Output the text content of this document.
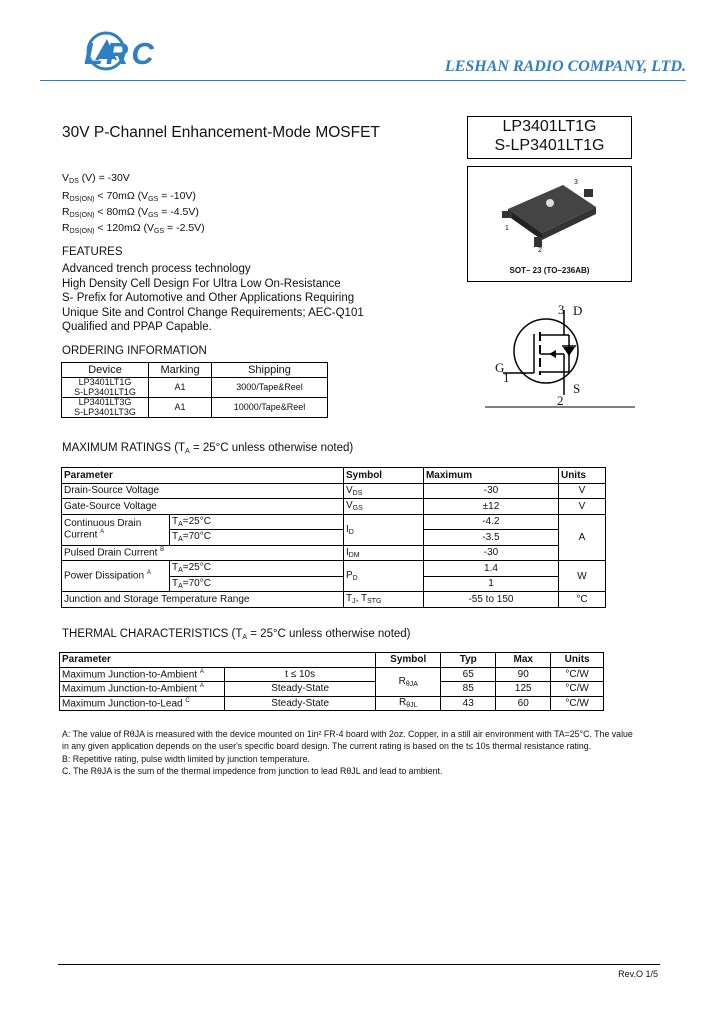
LRC	LESHAN RADIO COMPANY, LTD.
30V P-Channel Enhancement-Mode MOSFET	LP3401LT1G
S-LP3401LT1G
3
1
2
SOT– 23 (TO–236AB)
3 D
G
1
S
2
$V_{DS}$ (V) = -30V
$R_{DS(ON)} < 70m\Omega$ $(V_{GS} = -10V)$
$R_{DS(ON)} < 80m\Omega$ $(V_{GS} = -4.5V)$
$R_{DS(ON)} < 120m\Omega$ $(V_{GS} = -2.5V)$
FEATURES
Advanced trench process technology
High Density Cell Design For Ultra Low On-Resistance
S- Prefix for Automotive and Other Applications Requiring
Unique Site and Control Change Requirements; AEC-Q101
Qualified and PPAP Capable.
ORDERING INFORMATION
Device	Marking	Shipping

LP3401LT1G
S-LP3401LT1G	A1	3000/Tape&Reel

LP3401LT3G
S-LP3401LT3G	A1	10000/Tape&Reel
MAXIMUM RATINGS ($T_A = 25^\circ C$ unless otherwise noted)
Parameter		Symbol	Maximum	Units
Drain-Source Voltage		$V_{DS}$	-30	V
Gate-Source Voltage		$V_{GS}$	±12	V

Continuous Drain
Current $^A$	$T_A=25^\circ C$	$I_D$	-4.2	A
	$T_A=70^\circ C$		-3.5	
Pulsed Drain Current $^B$		$I_{DM}$	-30	
Power Dissipation $^A$	$T_A=25^\circ C$	$P_D$	1.4	W
	$T_A=70^\circ C$		1	
Junction and Storage Temperature Range		$T_J$, $T_{STG}$	-55 to 150	°C
THERMAL CHARACTERISTICS ($T_A = 25^\circ C$ unless otherwise noted)
Parameter		Symbol	Typ	Max	Units
Maximum Junction-to-Ambient $^A$	t ≤ 10s	$R_{\theta JA}$	65	90	°C/W
Maximum Junction-to-Ambient $^A$	Steady-State		85	125	°C/W
Maximum Junction-to-Lead $^C$	Steady-State	$R_{\theta JL}$	43	60	°C/W
A: The value of RθJA is measured with the device mounted on 1in² FR-4 board with 2oz. Copper, in a still air environment with TA=25°C. The value in any given application depends on the user's specific board design. The current rating is based on the t≤ 10s thermal resistance rating.
B: Repetitive rating, pulse width limited by junction temperature.
C. The RθJA is the sum of the thermal impedence from junction to lead RθJL and lead to ambient.
Rev.O 1/5
